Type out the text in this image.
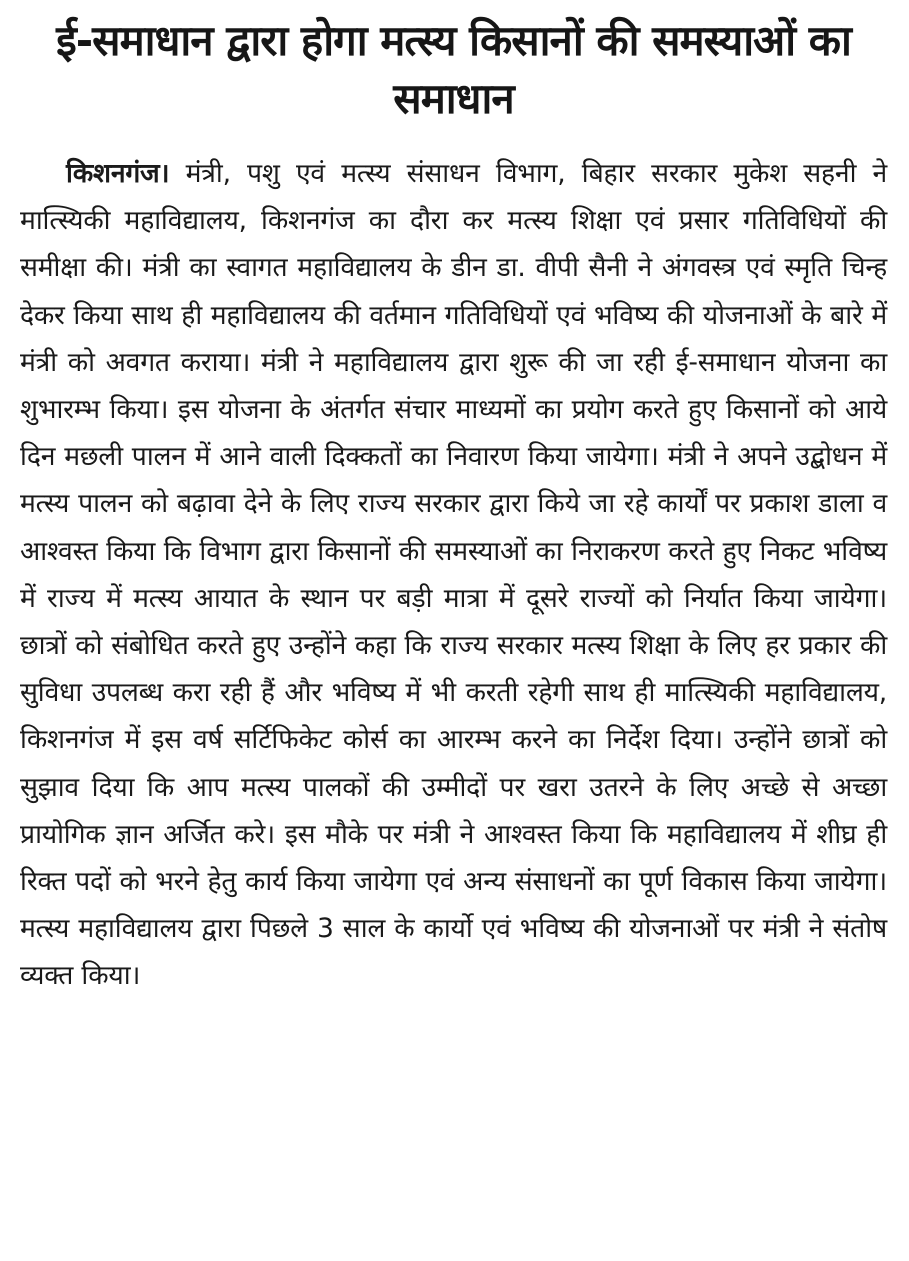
ई-समाधान द्वारा होगा मत्स्य किसानों की समस्याओं का समाधान

किशनगंज। मंत्री, पशु एवं मत्स्य संसाधन विभाग, बिहार सरकार मुकेश सहनी ने मात्स्यिकी महाविद्यालय, किशनगंज का दौरा कर मत्स्य शिक्षा एवं प्रसार गतिविधियों की समीक्षा की। मंत्री का स्वागत महाविद्यालय के डीन डा. वीपी सैनी ने अंगवस्त्र एवं स्मृति चिन्ह देकर किया साथ ही महाविद्यालय की वर्तमान गतिविधियों एवं भविष्य की योजनाओं के बारे में मंत्री को अवगत कराया। मंत्री ने महाविद्यालय द्वारा शुरू की जा रही ई-समाधान योजना का शुभारम्भ किया। इस योजना के अंतर्गत संचार माध्यमों का प्रयोग करते हुए किसानों को आये दिन मछली पालन में आने वाली दिक्कतों का निवारण किया जायेगा। मंत्री ने अपने उद्बोधन में मत्स्य पालन को बढ़ावा देने के लिए राज्य सरकार द्वारा किये जा रहे कार्यों पर प्रकाश डाला व आश्वस्त किया कि विभाग द्वारा किसानों की समस्याओं का निराकरण करते हुए निकट भविष्य में राज्य में मत्स्य आयात के स्थान पर बड़ी मात्रा में दूसरे राज्यों को निर्यात किया जायेगा। छात्रों को संबोधित करते हुए उन्होंने कहा कि राज्य सरकार मत्स्य शिक्षा के लिए हर प्रकार की सुविधा उपलब्ध करा रही हैं और भविष्य में भी करती रहेगी साथ ही मात्स्यिकी महाविद्यालय, किशनगंज में इस वर्ष सर्टिफिकेट कोर्स का आरम्भ करने का निर्देश दिया। उन्होंने छात्रों को सुझाव दिया कि आप मत्स्य पालकों की उम्मीदों पर खरा उतरने के लिए अच्छे से अच्छा प्रायोगिक ज्ञान अर्जित करे। इस मौके पर मंत्री ने आश्वस्त किया कि महाविद्यालय में शीघ्र ही रिक्त पदों को भरने हेतु कार्य किया जायेगा एवं अन्य संसाधनों का पूर्ण विकास किया जायेगा। मत्स्य महाविद्यालय द्वारा पिछले 3 साल के कार्यो एवं भविष्य की योजनाओं पर मंत्री ने संतोष व्यक्त किया।
